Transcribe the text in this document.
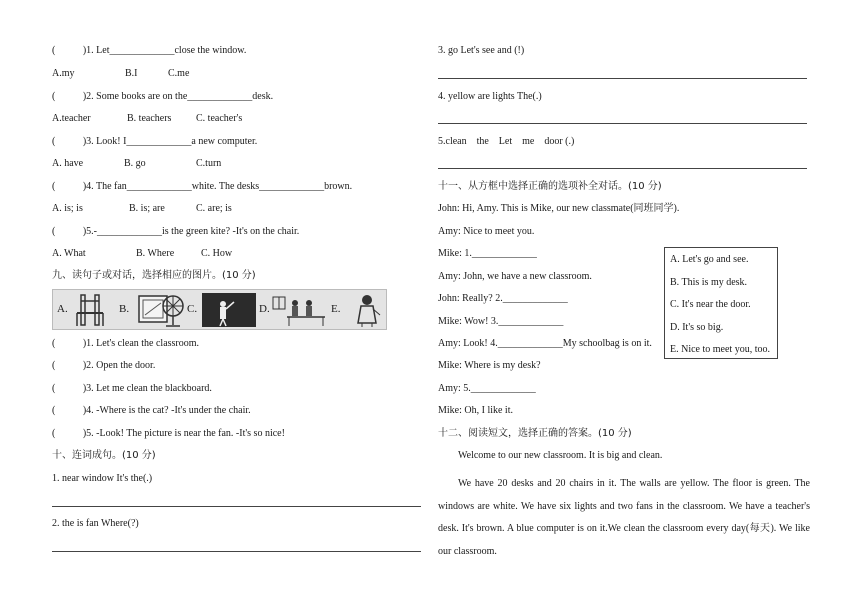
(           )1. Let_____________close the window.
A.my	B.I	C.me
(           )2. Some books are on the_____________desk.
A.teacher	B. teachers C. teacher's
(           )3. Look! I_____________a new computer.
A. have	B. go	C.turn
(           )4. The fan_____________white. The desks_____________brown.
A. is; is	B. is; are	C. are; is
(           )5.-_____________is the green kite? -It's on the chair.
A. What	B. Where	C. How
九、读句子或对话，选择相应的图片。(10 分)
A.	B.	C.	D.	E.
(           )1. Let's clean the classroom.
(           )2. Open the door.
(           )3. Let me clean the blackboard.
(           )4. -Where is the cat? -It's under the chair.
(           )5. -Look! The picture is near the fan. -It's so nice!
十、连词成句。(10 分)
1. near window It's the(.)
2. the is fan Where(?)
3. go Let's see and (!)
4. yellow are lights The(.)
5.clean    the    Let    me    door (.)
十一、从方框中选择正确的选项补全对话。(10 分)
John: Hi, Amy. This is Mike, our new classmate(同班同学).
Amy: Nice to meet you.
Mike: 1._____________
Amy: John, we have a new classroom.
John: Really? 2._____________
Mike: Wow! 3._____________
Amy: Look! 4._____________My schoolbag is on it.
Mike: Where is my desk?
Amy: 5._____________
Mike: Oh, I like it.
十二、阅读短文，选择正确的答案。(10 分)
Welcome to our new classroom. It is big and clean.
We have 20 desks and 20 chairs in it. The walls are yellow. The floor is green. The windows are white. We have six lights and two fans in the classroom. We have a teacher's desk. It's brown. A blue computer is on it.We clean the classroom every day(每天). We like our classroom.
A. Let's go and see.
B. This is my desk.
C. It's near the door.
D. It's so big.
E. Nice to meet you, too.
